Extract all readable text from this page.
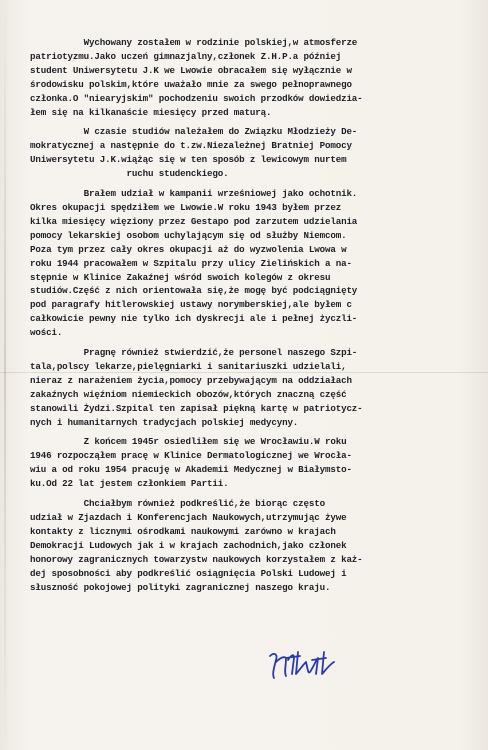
Wychowany zostałem w rodzinie polskiej,w atmosferze
patriotyzmu.Jako uczeń gimnazjalny,członek Z.H.P.a później
student Uniwersytetu J.K we Lwowie obracałem się wyłącznie w
środowisku polskim,które uważało mnie za swego pełnoprawnego
członka.O "niearyjskim" pochodzeniu swoich przodków dowiedzia-
łem się na kilkanaście miesięcy przed maturą.
W czasie studiów należałem do Związku Młodzieży De-
mokratycznej a następnie do t.zw.Niezależnej Bratniej Pomocy
Uniwersytetu J.K.wiążąc się w ten sposób z lewicowym nurtem
ruchu studenckiego.
Brałem udział w kampanii wrześniowej jako ochotnik.
Okres okupacji spędziłem we Lwowie.W roku 1943 byłem przez
kilka miesięcy więziony przez Gestapo pod zarzutem udzielania
pomocy lekarskiej osobom uchylającym się od służby Niemcom.
Poza tym przez cały okres okupacji aż do wyzwolenia Lwowa w
roku 1944 pracowałem w Szpitalu przy ulicy Zielińskich a na-
stępnie w Klinice Zakaźnej wśród swoich kolegów z okresu
studiów.Część z nich orientowała się,że mogę być podciągnięty
pod paragrafy hitlerowskiej ustawy norymberskiej,ale byłem c
całkowicie pewny nie tylko ich dyskrecji ale i pełnej życzli-
wości.
Pragnę również stwierdzić,że personel naszego Szpi-
tala,polscy lekarze,pielęgniarki i sanitariuszki udzielali,
nieraz z narażeniem życia,pomocy przebywającym na oddziałach
zakaźnych więźniom niemieckich obozów,których znaczną część
stanowili Żydzi.Szpital ten zapisał piękną kartę w patriotycz-
nych i humanitarnych tradycjach polskiej medycyny.
Z końcem 1945r osiedliłem się we Wrocławiu.W roku
1946 rozpocząłem pracę w Klinice Dermatologicznej we Wrocła-
wiu a od roku 1954 pracuję w Akademii Medycznej w Białymsto-
ku.Od 22 lat jestem członkiem Partii.
Chciałbym również podkreślić,że biorąc często
udział w Zjazdach i Konferencjach Naukowych,utrzymując żywe
kontakty z licznymi ośrodkami naukowymi zarówno w krajach
Demokracji Ludowych jak i w krajach zachodnich,jako członek
honorowy zagranicznych towarzystw naukowych korzystałem z każ-
dej sposobności aby podkreślić osiągnięcia Polski Ludowej i
słuszność pokojowej polityki zagranicznej naszego kraju.
